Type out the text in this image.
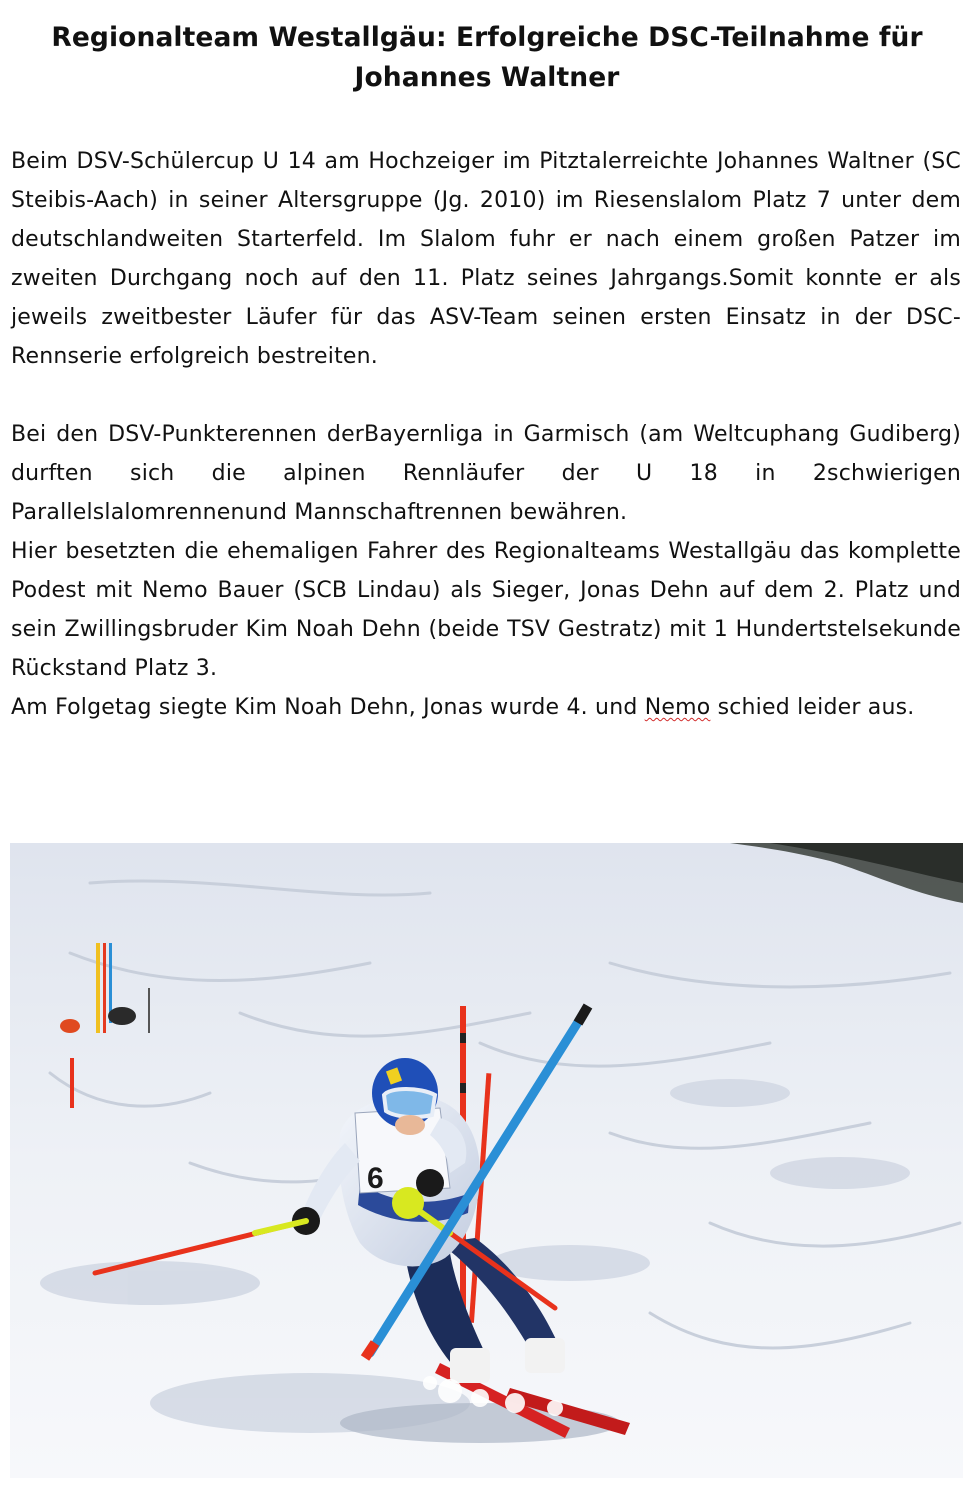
Regionalteam Westallgäu: Erfolgreiche DSC-Teilnahme für Johannes Waltner

Beim DSV-Schülercup U 14 am Hochzeiger im Pitztalerreichte Johannes Waltner (SC Steibis-Aach) in seiner Altersgruppe (Jg. 2010) im Riesenslalom Platz 7 unter dem deutschlandweiten Starterfeld. Im Slalom fuhr er nach einem großen Patzer im zweiten Durchgang noch auf den 11. Platz seines Jahrgangs.Somit konnte er als jeweils zweitbester Läufer für das ASV-Team seinen ersten Einsatz in der DSC-Rennserie erfolgreich bestreiten.

Bei den DSV-Punkterennen derBayernliga in Garmisch (am Weltcuphang Gudiberg) durften sich die alpinen Rennläufer der U 18 in 2schwierigen Parallelslalomrennenund Mannschaftrennen bewähren.

Hier besetzten die ehemaligen Fahrer des Regionalteams Westallgäu das komplette Podest mit Nemo Bauer (SCB Lindau) als Sieger, Jonas Dehn auf dem 2. Platz und sein Zwillingsbruder Kim Noah Dehn (beide TSV Gestratz) mit 1 Hundertstelsekunde Rückstand Platz 3.

Am Folgetag siegte Kim Noah Dehn, Jonas wurde 4. und Nemo schied leider aus.

6
